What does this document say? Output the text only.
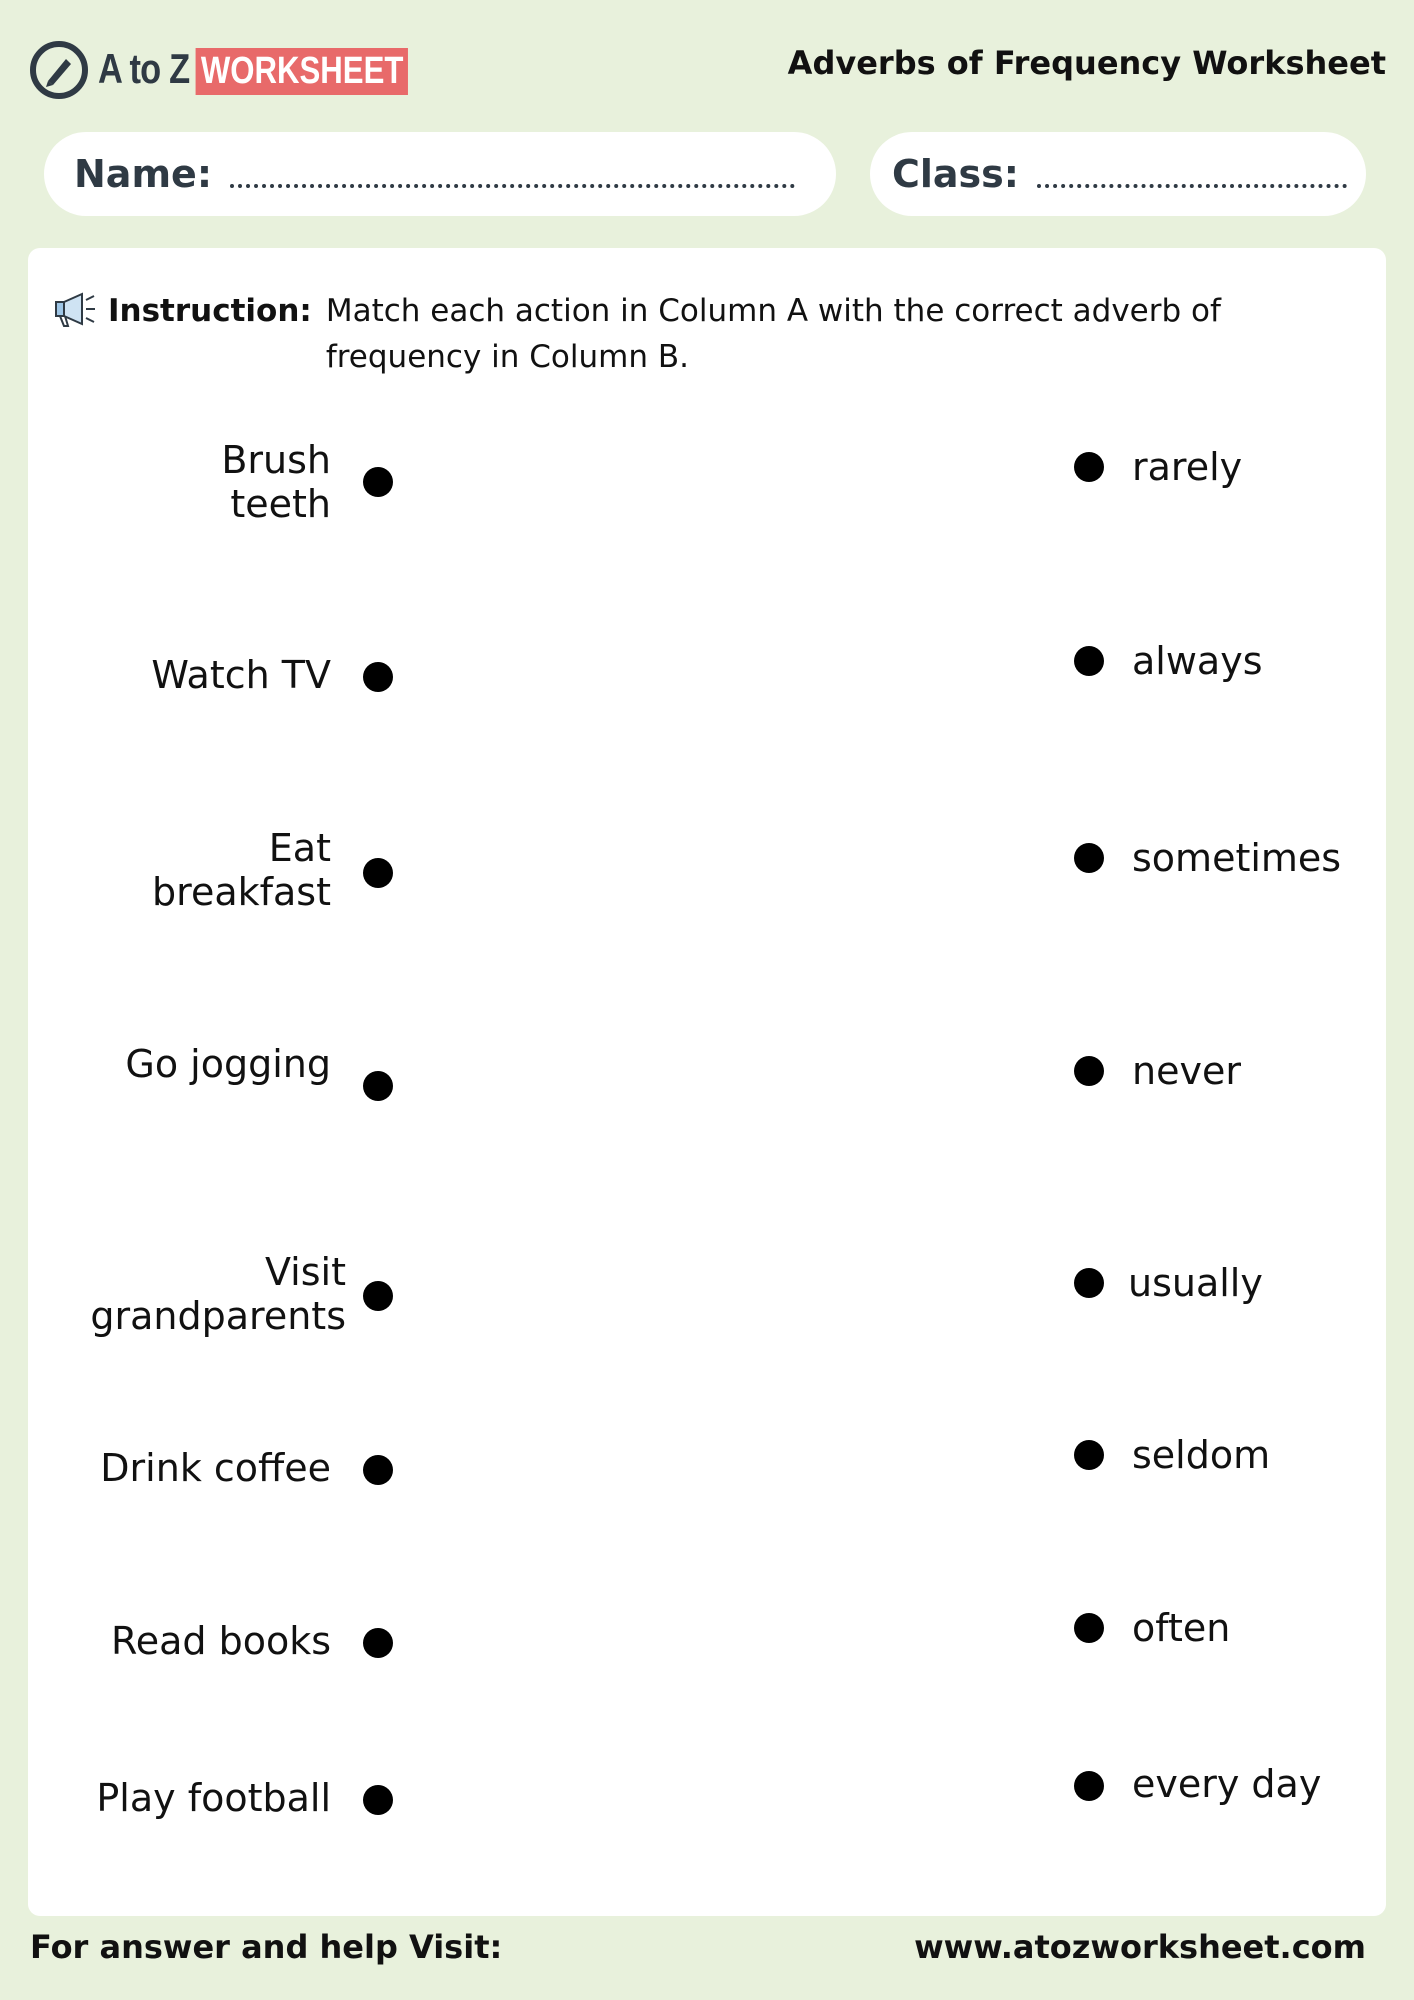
A to Z WORKSHEET	Adverbs of Frequency Worksheet
Name:	Class:
Instruction: Match each action in Column A with the correct adverb of frequency in Column B.
Brush
teeth
Watch TV
Eat
breakfast
Go jogging
Visit
grandparents
Drink coffee
Read books
Play football
rarely
always
sometimes
never
usually
seldom
often
every day
For answer and help Visit:	www.atozworksheet.com
